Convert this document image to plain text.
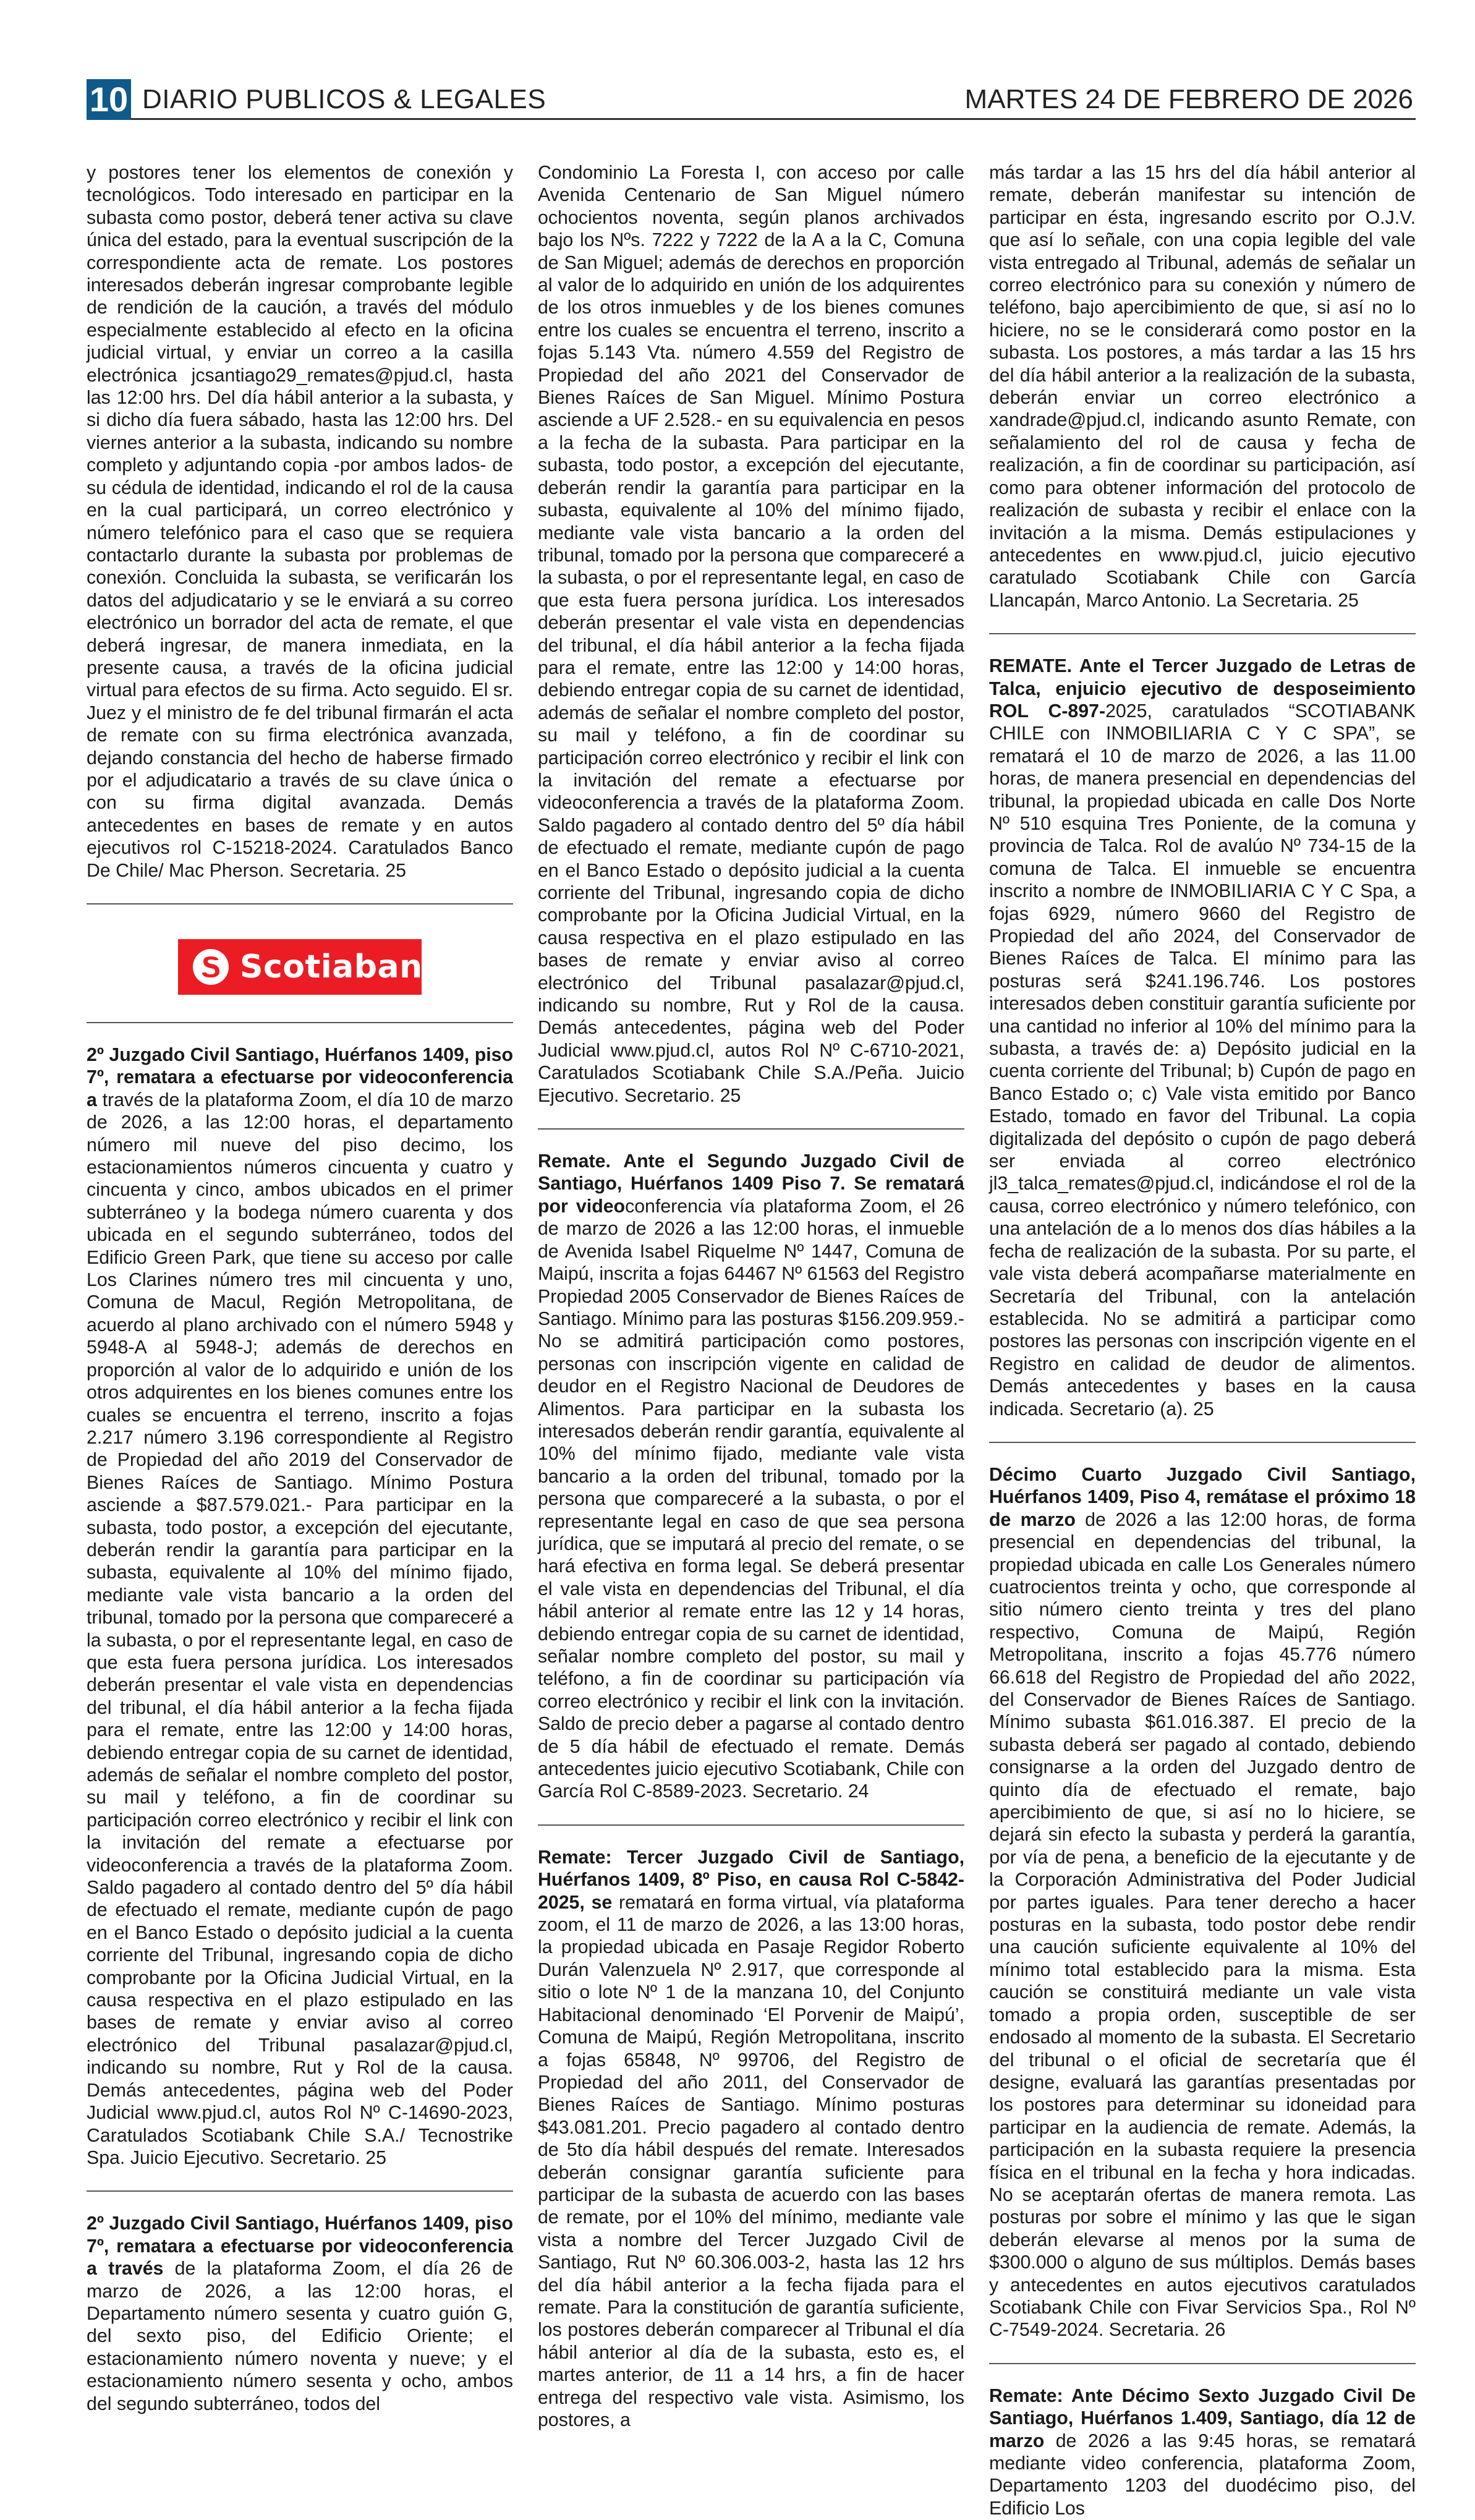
10 DIARIO PUBLICOS & LEGALES	MARTES 24 DE FEBRERO DE 2026

y postores tener los elementos de conexión y tecnológicos. Todo interesado en participar en la subasta como postor, deberá tener activa su clave única del estado, para la eventual suscripción de la correspondiente acta de remate. Los postores interesados deberán ingresar comprobante legible de rendición de la caución, a través del módulo especialmente establecido al efecto en la oficina judicial virtual, y enviar un correo a la casilla electrónica jcsantiago29_remates@pjud.cl, hasta las 12:00 hrs. Del día hábil anterior a la subasta, y si dicho día fuera sábado, hasta las 12:00 hrs. Del viernes anterior a la subasta, indicando su nombre completo y adjuntando copia -por ambos lados- de su cédula de identidad, indicando el rol de la causa en la cual participará, un correo electrónico y número telefónico para el caso que se requiera contactarlo durante la subasta por problemas de conexión. Concluida la subasta, se verificarán los datos del adjudicatario y se le enviará a su correo electrónico un borrador del acta de remate, el que deberá ingresar, de manera inmediata, en la presente causa, a través de la oficina judicial virtual para efectos de su firma. Acto seguido. El sr. Juez y el ministro de fe del tribunal firmarán el acta de remate con su firma electrónica avanzada, dejando constancia del hecho de haberse firmado por el adjudicatario a través de su clave única o con su firma digital avanzada. Demás antecedentes en bases de remate y en autos ejecutivos rol C-15218-2024. Caratulados Banco De Chile/ Mac Pherson. Secretaria. 25

Scotiabank

2º Juzgado Civil Santiago, Huérfanos 1409, piso 7º, rematara a efectuarse por videoconferencia a través de la plataforma Zoom, el día 10 de marzo de 2026, a las 12:00 horas, el departamento número mil nueve del piso decimo, los estacionamientos números cincuenta y cuatro y cincuenta y cinco, ambos ubicados en el primer subterráneo y la bodega número cuarenta y dos ubicada en el segundo subterráneo, todos del Edificio Green Park, que tiene su acceso por calle Los Clarines número tres mil cincuenta y uno, Comuna de Macul, Región Metropolitana, de acuerdo al plano archivado con el número 5948 y 5948-A al 5948-J; además de derechos en proporción al valor de lo adquirido e unión de los otros adquirentes en los bienes comunes entre los cuales se encuentra el terreno, inscrito a fojas 2.217 número 3.196 correspondiente al Registro de Propiedad del año 2019 del Conservador de Bienes Raíces de Santiago. Mínimo Postura asciende a $87.579.021.- Para participar en la subasta, todo postor, a excepción del ejecutante, deberán rendir la garantía para participar en la subasta, equivalente al 10% del mínimo fijado, mediante vale vista bancario a la orden del tribunal, tomado por la persona que compareceré a la subasta, o por el representante legal, en caso de que esta fuera persona jurídica. Los interesados deberán presentar el vale vista en dependencias del tribunal, el día hábil anterior a la fecha fijada para el remate, entre las 12:00 y 14:00 horas, debiendo entregar copia de su carnet de identidad, además de señalar el nombre completo del postor, su mail y teléfono, a fin de coordinar su participación correo electrónico y recibir el link con la invitación del remate a efectuarse por videoconferencia a través de la plataforma Zoom. Saldo pagadero al contado dentro del 5º día hábil de efectuado el remate, mediante cupón de pago en el Banco Estado o depósito judicial a la cuenta corriente del Tribunal, ingresando copia de dicho comprobante por la Oficina Judicial Virtual, en la causa respectiva en el plazo estipulado en las bases de remate y enviar aviso al correo electrónico del Tribunal pasalazar@pjud.cl, indicando su nombre, Rut y Rol de la causa. Demás antecedentes, página web del Poder Judicial www.pjud.cl, autos Rol Nº C-14690-2023, Caratulados Scotiabank Chile S.A./ Tecnostrike Spa. Juicio Ejecutivo. Secretario. 25

2º Juzgado Civil Santiago, Huérfanos 1409, piso 7º, rematara a efectuarse por videoconferencia a través de la plataforma Zoom, el día 26 de marzo de 2026, a las 12:00 horas, el Departamento número sesenta y cuatro guión G, del sexto piso, del Edificio Oriente; el estacionamiento número noventa y nueve; y el estacionamiento número sesenta y ocho, ambos del segundo subterráneo, todos del

Condominio La Foresta I, con acceso por calle Avenida Centenario de San Miguel número ochocientos noventa, según planos archivados bajo los Nºs. 7222 y 7222 de la A a la C, Comuna de San Miguel; además de derechos en proporción al valor de lo adquirido en unión de los adquirentes de los otros inmuebles y de los bienes comunes entre los cuales se encuentra el terreno, inscrito a fojas 5.143 Vta. número 4.559 del Registro de Propiedad del año 2021 del Conservador de Bienes Raíces de San Miguel. Mínimo Postura asciende a UF 2.528.- en su equivalencia en pesos a la fecha de la subasta. Para participar en la subasta, todo postor, a excepción del ejecutante, deberán rendir la garantía para participar en la subasta, equivalente al 10% del mínimo fijado, mediante vale vista bancario a la orden del tribunal, tomado por la persona que compareceré a la subasta, o por el representante legal, en caso de que esta fuera persona jurídica. Los interesados deberán presentar el vale vista en dependencias del tribunal, el día hábil anterior a la fecha fijada para el remate, entre las 12:00 y 14:00 horas, debiendo entregar copia de su carnet de identidad, además de señalar el nombre completo del postor, su mail y teléfono, a fin de coordinar su participación correo electrónico y recibir el link con la invitación del remate a efectuarse por videoconferencia a través de la plataforma Zoom. Saldo pagadero al contado dentro del 5º día hábil de efectuado el remate, mediante cupón de pago en el Banco Estado o depósito judicial a la cuenta corriente del Tribunal, ingresando copia de dicho comprobante por la Oficina Judicial Virtual, en la causa respectiva en el plazo estipulado en las bases de remate y enviar aviso al correo electrónico del Tribunal pasalazar@pjud.cl, indicando su nombre, Rut y Rol de la causa. Demás antecedentes, página web del Poder Judicial www.pjud.cl, autos Rol Nº C-6710-2021, Caratulados Scotiabank Chile S.A./Peña. Juicio Ejecutivo. Secretario. 25

Remate. Ante el Segundo Juzgado Civil de Santiago, Huérfanos 1409 Piso 7. Se rematará por videoconferencia vía plataforma Zoom, el 26 de marzo de 2026 a las 12:00 horas, el inmueble de Avenida Isabel Riquelme Nº 1447, Comuna de Maipú, inscrita a fojas 64467 Nº 61563 del Registro Propiedad 2005 Conservador de Bienes Raíces de Santiago. Mínimo para las posturas $156.209.959.- No se admitirá participación como postores, personas con inscripción vigente en calidad de deudor en el Registro Nacional de Deudores de Alimentos. Para participar en la subasta los interesados deberán rendir garantía, equivalente al 10% del mínimo fijado, mediante vale vista bancario a la orden del tribunal, tomado por la persona que compareceré a la subasta, o por el representante legal en caso de que sea persona jurídica, que se imputará al precio del remate, o se hará efectiva en forma legal. Se deberá presentar el vale vista en dependencias del Tribunal, el día hábil anterior al remate entre las 12 y 14 horas, debiendo entregar copia de su carnet de identidad, señalar nombre completo del postor, su mail y teléfono, a fin de coordinar su participación vía correo electrónico y recibir el link con la invitación. Saldo de precio deber a pagarse al contado dentro de 5 día hábil de efectuado el remate. Demás antecedentes juicio ejecutivo Scotiabank, Chile con García Rol C-8589-2023. Secretario. 24

Remate: Tercer Juzgado Civil de Santiago, Huérfanos 1409, 8º Piso, en causa Rol C-5842-2025, se rematará en forma virtual, vía plataforma zoom, el 11 de marzo de 2026, a las 13:00 horas, la propiedad ubicada en Pasaje Regidor Roberto Durán Valenzuela Nº 2.917, que corresponde al sitio o lote Nº 1 de la manzana 10, del Conjunto Habitacional denominado ‘El Porvenir de Maipú’, Comuna de Maipú, Región Metropolitana, inscrito a fojas 65848, Nº 99706, del Registro de Propiedad del año 2011, del Conservador de Bienes Raíces de Santiago. Mínimo posturas $43.081.201. Precio pagadero al contado dentro de 5to día hábil después del remate. Interesados deberán consignar garantía suficiente para participar de la subasta de acuerdo con las bases de remate, por el 10% del mínimo, mediante vale vista a nombre del Tercer Juzgado Civil de Santiago, Rut Nº 60.306.003-2, hasta las 12 hrs del día hábil anterior a la fecha fijada para el remate. Para la constitución de garantía suficiente, los postores deberán comparecer al Tribunal el día hábil anterior al día de la subasta, esto es, el martes anterior, de 11 a 14 hrs, a fin de hacer entrega del respectivo vale vista. Asimismo, los postores, a

más tardar a las 15 hrs del día hábil anterior al remate, deberán manifestar su intención de participar en ésta, ingresando escrito por O.J.V. que así lo señale, con una copia legible del vale vista entregado al Tribunal, además de señalar un correo electrónico para su conexión y número de teléfono, bajo apercibimiento de que, si así no lo hiciere, no se le considerará como postor en la subasta. Los postores, a más tardar a las 15 hrs del día hábil anterior a la realización de la subasta, deberán enviar un correo electrónico a xandrade@pjud.cl, indicando asunto Remate, con señalamiento del rol de causa y fecha de realización, a fin de coordinar su participación, así como para obtener información del protocolo de realización de subasta y recibir el enlace con la invitación a la misma. Demás estipulaciones y antecedentes en www.pjud.cl, juicio ejecutivo caratulado Scotiabank Chile con García Llancapán, Marco Antonio. La Secretaria. 25

REMATE. Ante el Tercer Juzgado de Letras de Talca, enjuicio ejecutivo de desposeimiento ROL C-897-2025, caratulados “SCOTIABANK CHILE con INMOBILIARIA C Y C SPA”, se rematará el 10 de marzo de 2026, a las 11.00 horas, de manera presencial en dependencias del tribunal, la propiedad ubicada en calle Dos Norte Nº 510 esquina Tres Poniente, de la comuna y provincia de Talca. Rol de avalúo Nº 734-15 de la comuna de Talca. El inmueble se encuentra inscrito a nombre de INMOBILIARIA C Y C Spa, a fojas 6929, número 9660 del Registro de Propiedad del año 2024, del Conservador de Bienes Raíces de Talca. El mínimo para las posturas será $241.196.746. Los postores interesados deben constituir garantía suficiente por una cantidad no inferior al 10% del mínimo para la subasta, a través de: a) Depósito judicial en la cuenta corriente del Tribunal; b) Cupón de pago en Banco Estado o; c) Vale vista emitido por Banco Estado, tomado en favor del Tribunal. La copia digitalizada del depósito o cupón de pago deberá ser enviada al correo electrónico jl3_talca_remates@pjud.cl, indicándose el rol de la causa, correo electrónico y número telefónico, con una antelación de a lo menos dos días hábiles a la fecha de realización de la subasta. Por su parte, el vale vista deberá acompañarse materialmente en Secretaría del Tribunal, con la antelación establecida. No se admitirá a participar como postores las personas con inscripción vigente en el Registro en calidad de deudor de alimentos. Demás antecedentes y bases en la causa indicada. Secretario (a). 25

Décimo Cuarto Juzgado Civil Santiago, Huérfanos 1409, Piso 4, remátase el próximo 18 de marzo de 2026 a las 12:00 horas, de forma presencial en dependencias del tribunal, la propiedad ubicada en calle Los Generales número cuatrocientos treinta y ocho, que corresponde al sitio número ciento treinta y tres del plano respectivo, Comuna de Maipú, Región Metropolitana, inscrito a fojas 45.776 número 66.618 del Registro de Propiedad del año 2022, del Conservador de Bienes Raíces de Santiago. Mínimo subasta $61.016.387. El precio de la subasta deberá ser pagado al contado, debiendo consignarse a la orden del Juzgado dentro de quinto día de efectuado el remate, bajo apercibimiento de que, si así no lo hiciere, se dejará sin efecto la subasta y perderá la garantía, por vía de pena, a beneficio de la ejecutante y de la Corporación Administrativa del Poder Judicial por partes iguales. Para tener derecho a hacer posturas en la subasta, todo postor debe rendir una caución suficiente equivalente al 10% del mínimo total establecido para la misma. Esta caución se constituirá mediante un vale vista tomado a propia orden, susceptible de ser endosado al momento de la subasta. El Secretario del tribunal o el oficial de secretaría que él designe, evaluará las garantías presentadas por los postores para determinar su idoneidad para participar en la audiencia de remate. Además, la participación en la subasta requiere la presencia física en el tribunal en la fecha y hora indicadas. No se aceptarán ofertas de manera remota. Las posturas por sobre el mínimo y las que le sigan deberán elevarse al menos por la suma de $300.000 o alguno de sus múltiplos. Demás bases y antecedentes en autos ejecutivos caratulados Scotiabank Chile con Fivar Servicios Spa., Rol Nº C-7549-2024. Secretaria. 26

Remate: Ante Décimo Sexto Juzgado Civil De Santiago, Huérfanos 1.409, Santiago, día 12 de marzo de 2026 a las 9:45 horas, se rematará mediante video conferencia, plataforma Zoom, Departamento 1203 del duodécimo piso, del Edificio Los
